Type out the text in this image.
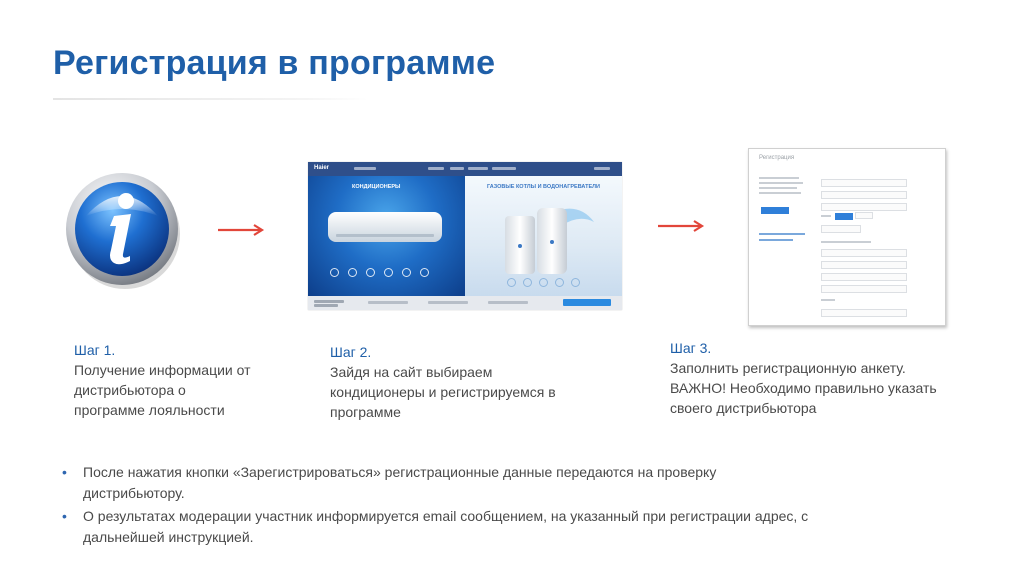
Регистрация в программе
Haier
КОНДИЦИОНЕРЫ	ГАЗОВЫЕ КОТЛЫ И ВОДОНАГРЕВАТЕЛИ
Регистрация
Шаг 1.
Получение информации от
дистрибьютора о
программе лояльности
Шаг 2.
Зайдя на сайт выбираем
кондиционеры и регистрируемся в
программе
Шаг 3.
Заполнить регистрационную анкету.
ВАЖНО! Необходимо правильно указать
своего дистрибьютора
• После нажатия кнопки «Зарегистрироваться» регистрационные данные передаются на проверку
дистрибьютору.
• О результатах модерации участник информируется email сообщением, на указанный при регистрации адрес, с
дальнейшей инструкцией.
